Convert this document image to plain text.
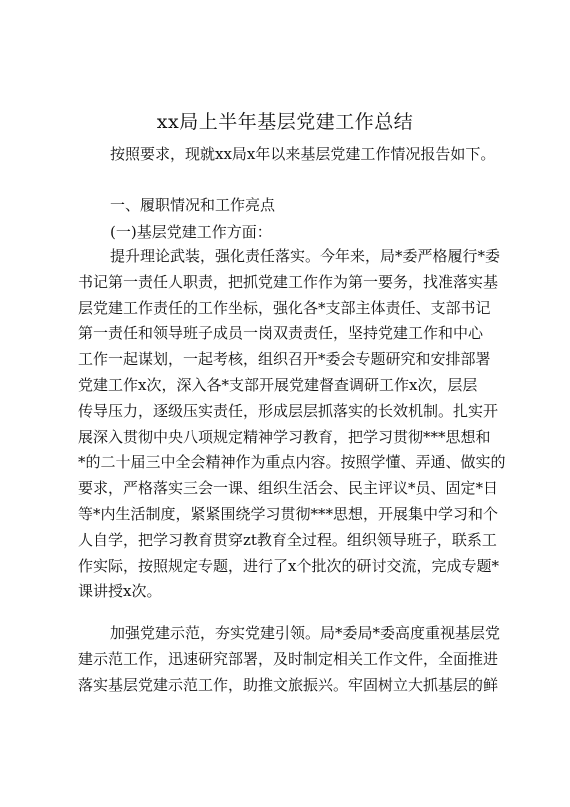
xx局上半年基层党建工作总结
按照要求，现就xx局x年以来基层党建工作情况报告如下。
一、履职情况和工作亮点
(一)基层党建工作方面：
提升理论武装，强化责任落实。今年来，局*委严格履行*委
书记第一责任人职责，把抓党建工作作为第一要务，找准落实基
层党建工作责任的工作坐标，强化各*支部主体责任、支部书记
第一责任和领导班子成员一岗双责责任，坚持党建工作和中心
工作一起谋划，一起考核，组织召开*委会专题研究和安排部署
党建工作x次，深入各*支部开展党建督查调研工作x次，层层
传导压力，逐级压实责任，形成层层抓落实的长效机制。扎实开
展深入贯彻中央八项规定精神学习教育，把学习贯彻***思想和
*的二十届三中全会精神作为重点内容。按照学懂、弄通、做实的
要求，严格落实三会一课、组织生活会、民主评议*员、固定*日
等*内生活制度，紧紧围绕学习贯彻***思想，开展集中学习和个
人自学，把学习教育贯穿zt教育全过程。组织领导班子，联系工
作实际，按照规定专题，进行了x个批次的研讨交流，完成专题*
课讲授x次。
加强党建示范，夯实党建引领。局*委局*委高度重视基层党
建示范工作，迅速研究部署，及时制定相关工作文件，全面推进
落实基层党建示范工作，助推文旅振兴。牢固树立大抓基层的鲜
